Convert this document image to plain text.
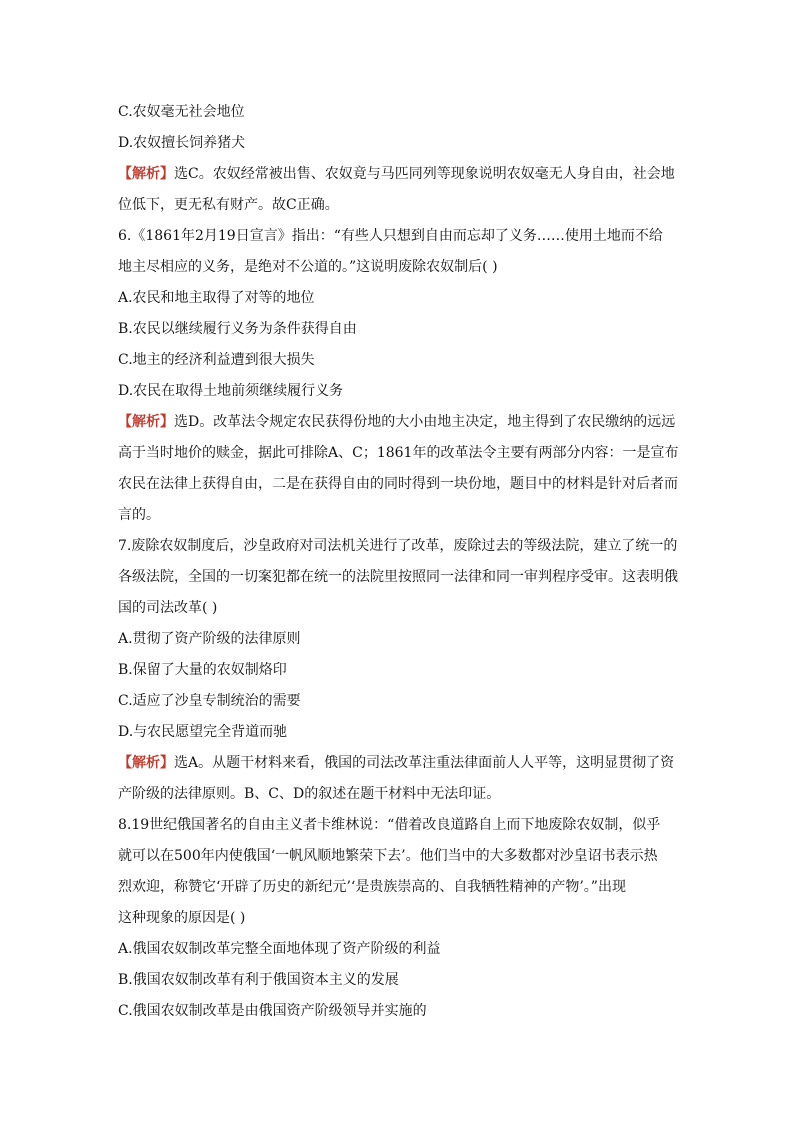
C.农奴毫无社会地位
D.农奴擅长饲养猪犬
【解析】选C。农奴经常被出售、农奴竟与马匹同列等现象说明农奴毫无人身自由，社会地
位低下，更无私有财产。故C正确。
6.《1861年2月19日宣言》指出：“有些人只想到自由而忘却了义务……使用土地而不给
地主尽相应的义务，是绝对不公道的。”这说明废除农奴制后( )
A.农民和地主取得了对等的地位
B.农民以继续履行义务为条件获得自由
C.地主的经济利益遭到很大损失
D.农民在取得土地前须继续履行义务
【解析】选D。改革法令规定农民获得份地的大小由地主决定，地主得到了农民缴纳的远远
高于当时地价的赎金，据此可排除A、C；1861年的改革法令主要有两部分内容：一是宣布
农民在法律上获得自由，二是在获得自由的同时得到一块份地，题目中的材料是针对后者而
言的。
7.废除农奴制度后，沙皇政府对司法机关进行了改革，废除过去的等级法院，建立了统一的
各级法院，全国的一切案犯都在统一的法院里按照同一法律和同一审判程序受审。这表明俄
国的司法改革( )
A.贯彻了资产阶级的法律原则
B.保留了大量的农奴制烙印
C.适应了沙皇专制统治的需要
D.与农民愿望完全背道而驰
【解析】选A。从题干材料来看，俄国的司法改革注重法律面前人人平等，这明显贯彻了资
产阶级的法律原则。B、C、D的叙述在题干材料中无法印证。
8.19世纪俄国著名的自由主义者卡维林说：“借着改良道路自上而下地废除农奴制，似乎
就可以在500年内使俄国‘一帆风顺地繁荣下去’。他们当中的大多数都对沙皇诏书表示热
烈欢迎，称赞它‘开辟了历史的新纪元’‘是贵族崇高的、自我牺牲精神的产物’。”出现
这种现象的原因是( )
A.俄国农奴制改革完整全面地体现了资产阶级的利益
B.俄国农奴制改革有利于俄国资本主义的发展
C.俄国农奴制改革是由俄国资产阶级领导并实施的
